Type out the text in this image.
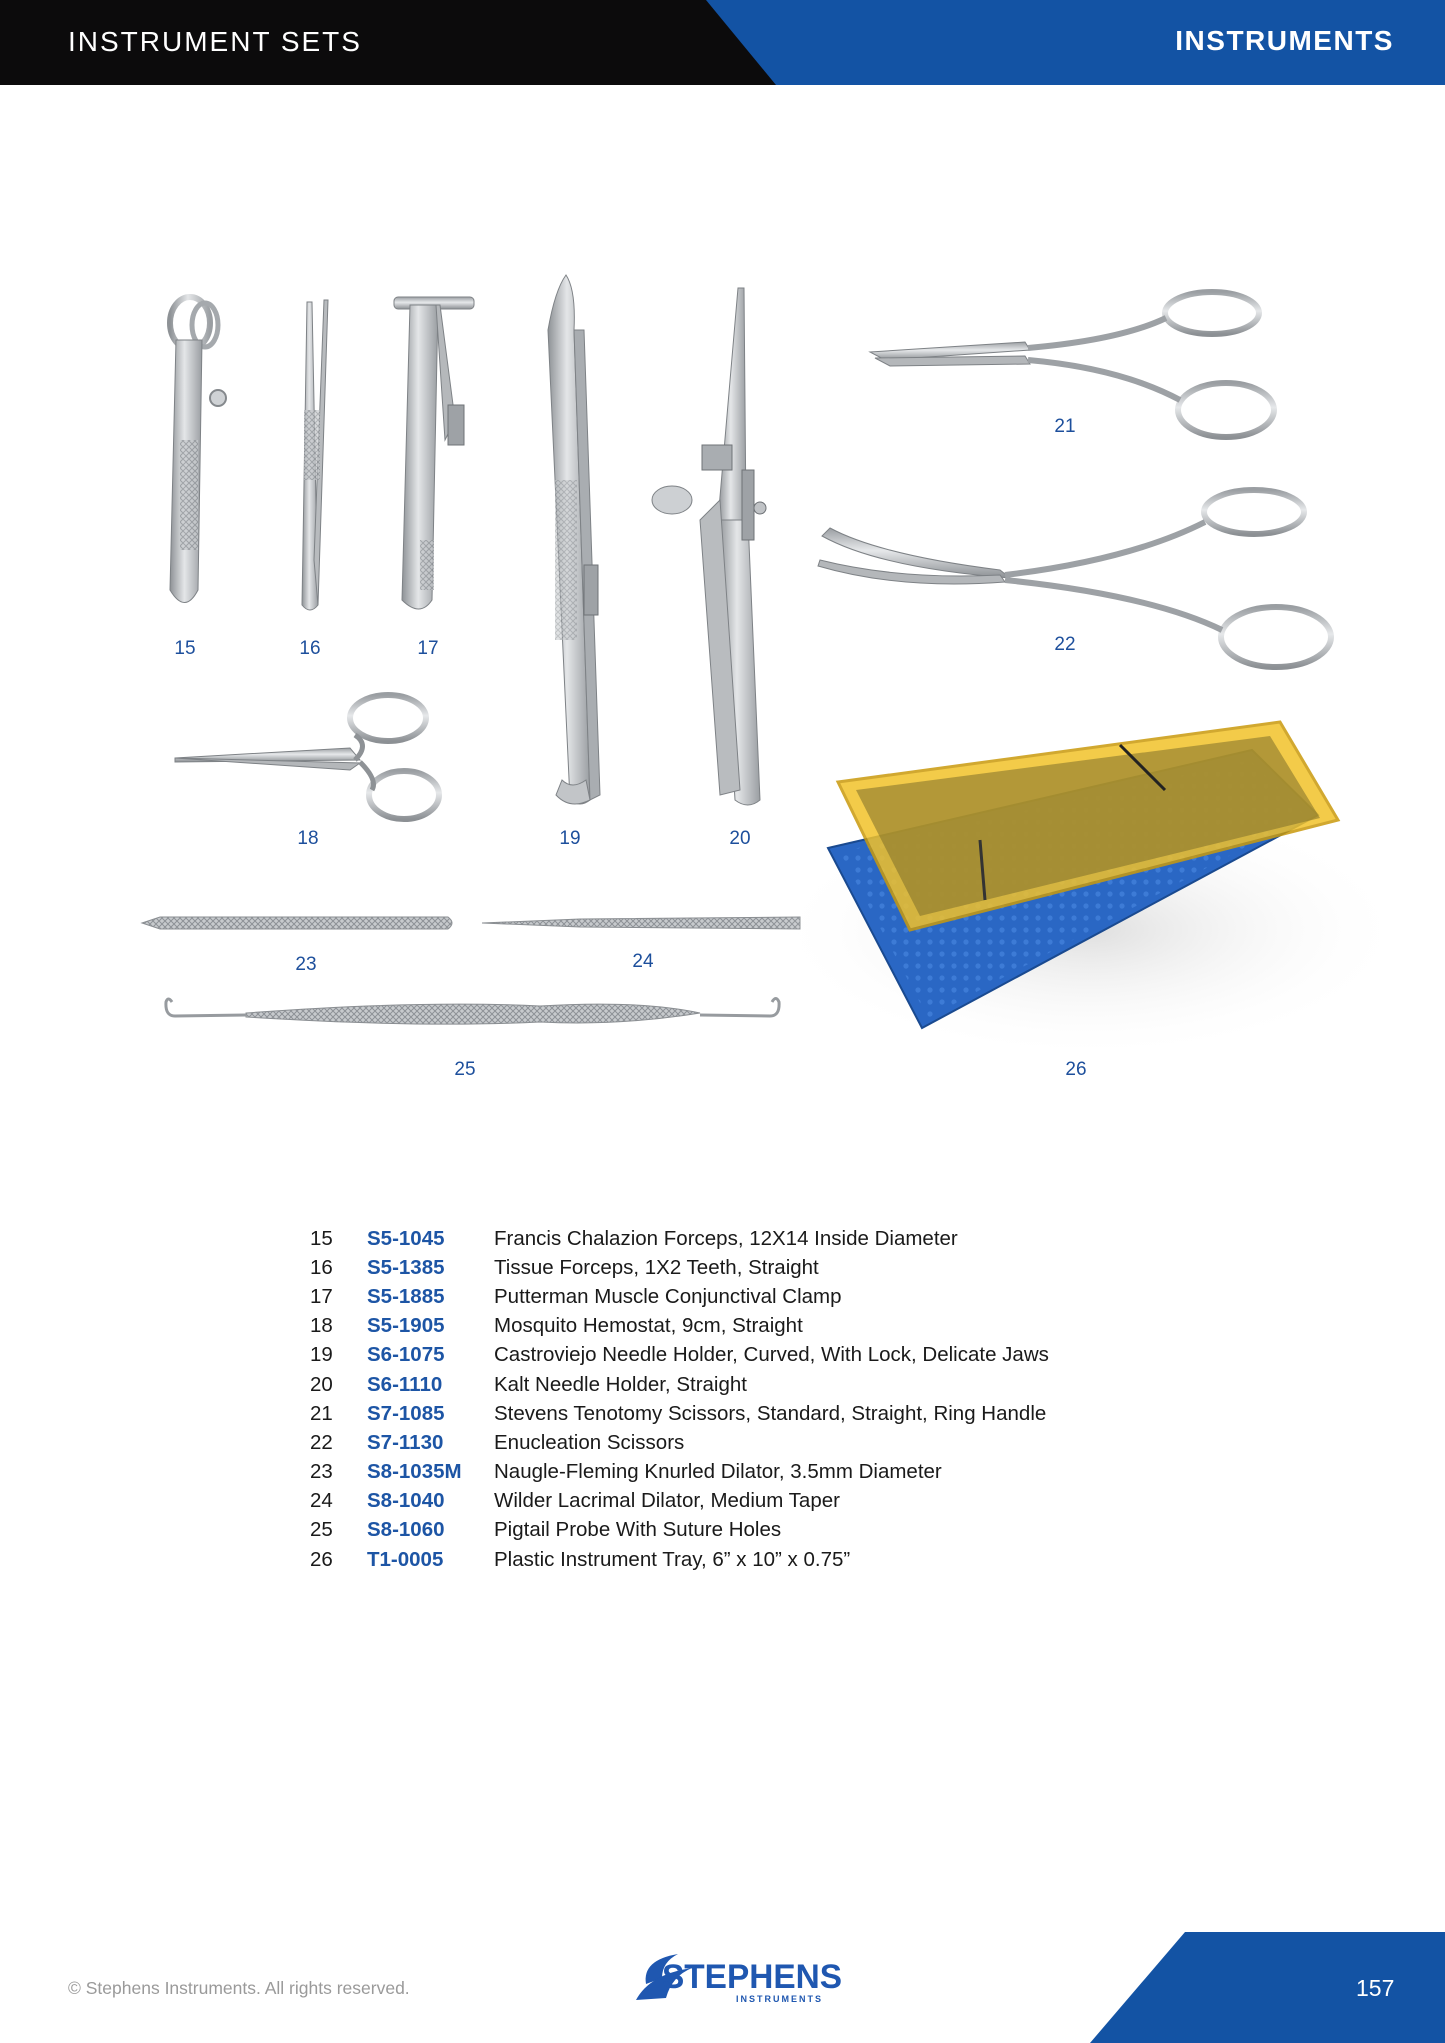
INSTRUMENT SETS	INSTRUMENTS
15	16	17
18	19	20
21
22
23	24
25	26
15	S5-1045	Francis Chalazion Forceps, 12X14 Inside Diameter
16	S5-1385	Tissue Forceps, 1X2 Teeth, Straight
17	S5-1885	Putterman Muscle Conjunctival Clamp
18	S5-1905	Mosquito Hemostat, 9cm, Straight
19	S6-1075	Castroviejo Needle Holder, Curved, With Lock, Delicate Jaws
20	S6-1110	Kalt Needle Holder, Straight
21	S7-1085	Stevens Tenotomy Scissors, Standard, Straight, Ring Handle
22	S7-1130	Enucleation Scissors
23	S8-1035M	Naugle-Fleming Knurled Dilator, 3.5mm Diameter
24	S8-1040	Wilder Lacrimal Dilator, Medium Taper
25	S8-1060	Pigtail Probe With Suture Holes
26	T1-0005	Plastic Instrument Tray, 6” x 10” x 0.75”
© Stephens Instruments. All rights reserved.	STEPHENS
INSTRUMENTS	157
